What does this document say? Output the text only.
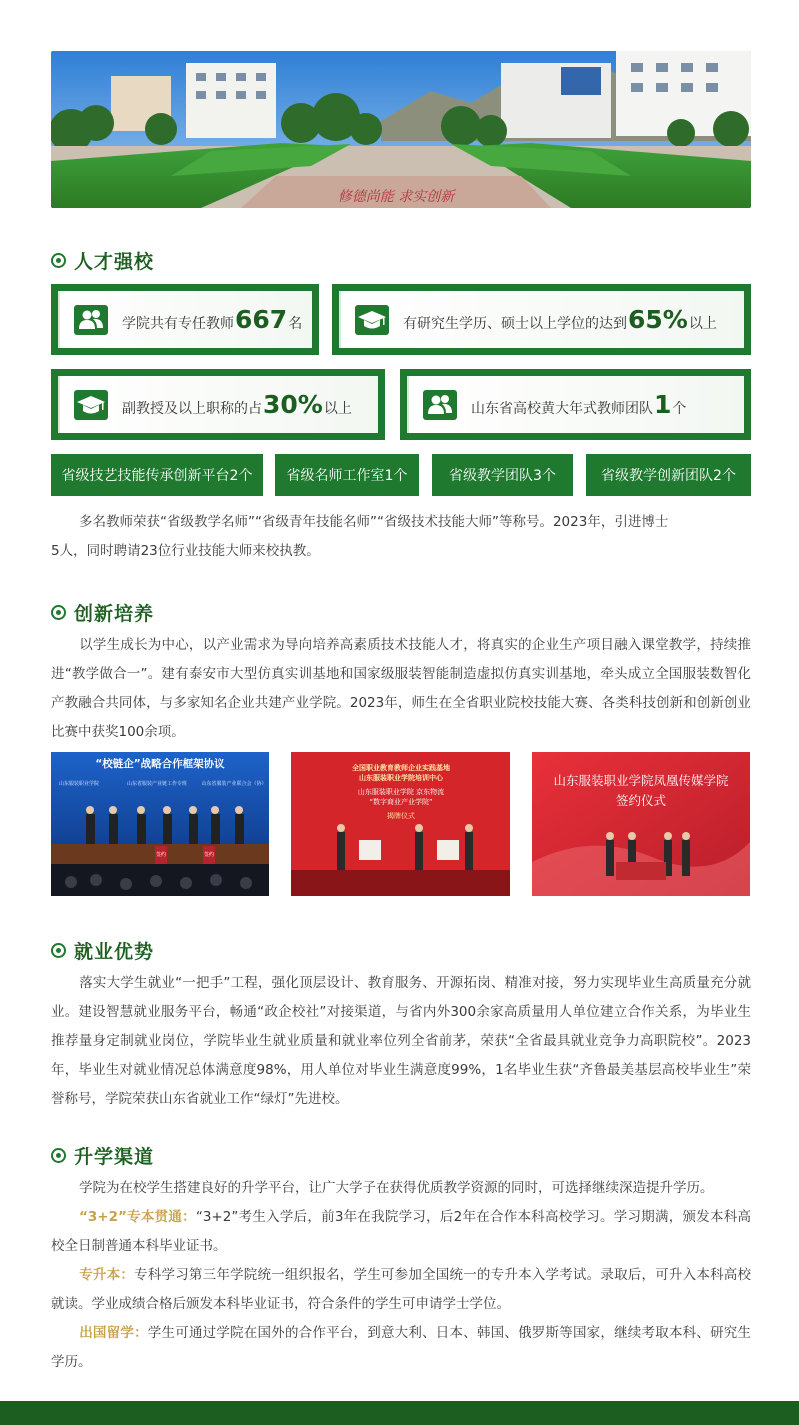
修德尚能 求实创新
人才强校
学院共有专任教师667名	有研究生学历、硕士以上学位的达到65%以上
副教授及以上职称的占30%以上	山东省高校黄大年式教师团队1个
省级技艺技能传承创新平台2个	省级名师工作室1个	省级教学团队3个	省级教学创新团队2个

多名教师荣获“省级教学名师”“省级青年技能名师”“省级技术技能大师”等称号。2023年，引进博士
5人，同时聘请23位行业技能大师来校执教。

创新培养

以学生成长为中心，以产业需求为导向培养高素质技术技能人才，将真实的企业生产项目融入课堂教学，持续推进“教学做合一”。建有泰安市大型仿真实训基地和国家级服装智能制造虚拟仿真实训基地，牵头成立全国服装数智化产教融合共同体，与多家知名企业共建产业学院。2023年，师生在全省职业院校技能大赛、各类科技创新和创新创业比赛中获奖100余项。

“校链企”战略合作框架协议
山东服装职业学院	山东省服装产业链工作专班	山东省服装产业联合会（协）
签约	签约
全国职业教育教师企业实践基地
山东服装职业学院培训中心
山东服装职业学院 京东物流
“数字商业产业学院”
揭牌仪式
山东服装职业学院凤凰传媒学院
签约仪式
就业优势

落实大学生就业“一把手”工程，强化顶层设计、教育服务、开源拓岗、精准对接，努力实现毕业生高质量充分就业。建设智慧就业服务平台，畅通“政企校社”对接渠道，与省内外300余家高质量用人单位建立合作关系，为毕业生推荐量身定制就业岗位，学院毕业生就业质量和就业率位列全省前茅，荣获“全省最具就业竞争力高职院校”。2023年，毕业生对就业情况总体满意度98%，用人单位对毕业生满意度99%，1名毕业生获“齐鲁最美基层高校毕业生”荣誉称号，学院荣获山东省就业工作“绿灯”先进校。

升学渠道

学院为在校学生搭建良好的升学平台，让广大学子在获得优质教学资源的同时，可选择继续深造提升学历。

“3+2”专本贯通：“3+2”考生入学后，前3年在我院学习，后2年在合作本科高校学习。学习期满，颁发本科高校全日制普通本科毕业证书。

专升本：专科学习第三年学院统一组织报名，学生可参加全国统一的专升本入学考试。录取后，可升入本科高校就读。学业成绩合格后颁发本科毕业证书，符合条件的学生可申请学士学位。

出国留学：学生可通过学院在国外的合作平台，到意大利、日本、韩国、俄罗斯等国家，继续考取本科、研究生学历。
